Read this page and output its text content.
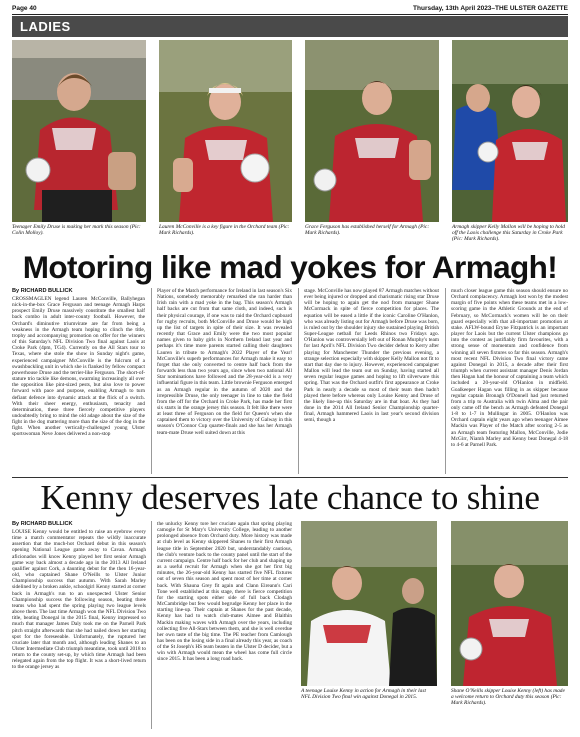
Page 40	Thursday, 13th April 2023–THE ULSTER GAZETTE
LADIES
Teenager Emily Druse is making her mark this season (Pic: Colin Molloy).
Lauren McConville is a key figure in the Orchard team (Pic: Mark Richards).
Grace Ferguson has established herself for Armagh (Pic: Mark Richards).
Armagh skipper Kelly Mallon will be hoping to hold off the Laois challenge this Saturday in Croke Park (Pic: Mark Richards).
Motoring like mad yokes for Armagh!
By RICHARD BULLICK
CROSSMAGLEN legend Lauren McConville, Ballyhegan nick-in-the-box Grace Ferguson and teenage Armagh Harps prospect Emily Druse massively constitute the smallest half back combo in adult inter-county football. However, the Orchard's diminutive triumvirate are far from being a weakness in the Armagh team hoping to clinch the title, trophy and accompanying promotion on offer for the winners of this Saturday's NFL Division Two final against Laois at Croke Park (4pm, TG4). Currently on the All Stars tour to Texas, where she stole the show in Sunday night's game, experienced campaigner McConville is the fulcrum of a swashbuckling unit in which she is flanked by fellow compact powerhouse Druse and the terrier-like Ferguson. The short-of-stature trio tackle like demons, swarming increasingly all over the opposition like pint-sized pests, but also love to power forward with pace and purpose, enabling Armagh to turn defiant defence into dynamic attack at the flick of a switch. With their sheer energy, enthusiasm, tenacity and determination, these three fiercely competitive players undoubtedly bring to mind the old adage about the size of the fight in the dog mattering more than the size of the dog in the fight. When another vertically-challenged young Ulster sportswoman Neve Jones delivered a non-stop
Player of the Match performance for Ireland in last season's Six Nations, somebody memorably remarked she ran harder than Irish rain with a mad yoke in the bag. This season's Armagh half backs are cut from that same cloth, and indeed, such is their physical courage, if one was to raid the Orchard cupboard for rugby recruits, both McConville and Druse would be high up the list of targets in spite of their size. It was revealed recently that Grace and Emily were the two most popular names given to baby girls in Northern Ireland last year and perhaps it's time more parents started calling their daughters Lauren in tribute to Armagh's 2022 Player of the Year! McConville's superb performances for Armagh make it easy to forget that she only converted to centre half back from the forwards less than two years ago, since when two national All Star nominations have followed and the 28-year-old is a very influential figure in this team. Little brownie Ferguson emerged as an Armagh regular in the autumn of 2020 and the irrepressible Druse, the only teenager in line to take the field from the off for the Orchard in Croke Park, has made her first six starts in the orange jersey this season. It felt like there were at least three of Ferguson on the field for Queen's when she captained them to victory over the University of Galway in this season's O'Connor Cup quarter-finals and she has her Armagh team-mate Druse well suited down at this
stage. McConville has now played 87 Armagh matches without ever being injured or dropped and charismatic rising star Druse will be hoping to again get the nod from manager Shane McCormack in spite of fierce competition for places. The equation will be eased a little if the iconic Caroline O'Hanlon, who was already listing out for Armagh before Druse was born, is ruled out by the shoulder injury she sustained playing British Super-League netball for Leeds Rhinos two Fridays ago. O'Hanlon was controversially left out of Ronan Murphy's team for last April's NFL Division Two decider defeat to Kerry after playing for Manchester Thunder the previous evening, a strange selection especially with skipper Kelly Mallon not fit to start that day due to injury. However, experienced campaigner Mallon will lead the team out on Sunday, having started all seven regular league games and hoping to lift silverware this spring. That was the Orchard outfit's first appearance at Croke Park in nearly a decade so most of their team then hadn't played there before whereas only Louise Kenny and Druse of the likely line-up this Saturday are in that boat. As they had done in the 2014 All Ireland Senior Championship quarter-final, Armagh hammered Laois in last year's second division semi, though a
much closer league game this season should ensure no Orchard complacency. Armagh lost won by the modest margin of five points when these teams met in a low-scoring game in the Athletic Grounds at the end of February, so McCormack's women will be on their guard especially with that all-important promotion at stake. AFLW-bound Eryne Fitzpatrick is an important player for Laois but the current Ulster champions go into the contest as justifiably firm favourites, with a strong sense of momentum and confidence from winning all seven fixtures so far this season. Armagh's most recent NFL Division Two final victory came against Donegal in 2015, a decade after their first triumph when current assistant manager Denis Jordan then Hagan had the honour of captaining a team which included a 20-year-old O'Hanlon in midfield. Goalkeeper Hagan was filling in as skipper because regular captain Bronagh O'Donnell had just returned from a trip to Australia with twin Alma and the pair only came off the bench as Armagh defeated Donegal 1-8 to 1-7 in Mullingar in 2005. O'Hanlon was Orchard captain eight years ago when teenager Aimee Mackin was Player of the Match after scoring 2-5 as an Armagh team featuring Mallon, McConville, Jodie McGirr, Niamh Marley and Kenny beat Donegal 4-18 to 4-6 at Parnell Park.
Kenny deserves late chance to shine
By RICHARD BULLICK
LOUISE Kenny would be entitled to raise an eyebrow every time a match commentator repeats the wildly inaccurate assertion that the much-hot Orchard debut in this season's opening National League game away to Cavan. Armagh aficionados will know Kenny played her first senior Armagh game way back almost a decade ago in the 2013 All Ireland qualifier against Cork, a daunting debut for the then 16-year-old, who captained Shane O'Neills to Ulster Junior Championship success that autumn. With Sarah Marley sidelined by a broken ankle, schoolgirl Kenny started at corner back in Armagh's run to an unexpected Ulster Senior Championship success the following season, beating three teams who had spent the spring playing two league levels above them. The last time Armagh won the NFL Division Two title, beating Donegal in the 2015 final, Kenny impressed so much that manager James Daly took me on the Parnell Park pitch straight afterwards that she had nailed down her starting spot for the foreseeable. Unfortunately, the ruptured her cruciate later that month and, although leading Shanes to an Ulster Intermediate Club triumph meantime, took until 2018 to return to the county set-up, by which time Armagh had been relegated again from the top flight. It was a short-lived return to the orange jersey as
the unlucky Kenny tore her cruciate again that spring playing camogie for St Mary's University College, leading to another prolonged absence from Orchard duty. More history was made at club level as Kenny skippered Shanes to their first Armagh league title in September 2020 but, understandably cautious, the club's venture back to the county panel until the start of the current campaign. Centre half back for her club and shaping up as a useful recruit for Armagh when she got her first big minutes, the 26-year-old Kenny has started five NFL fixtures out of seven this season and spent most of her time at corner back. With Shauna Grey fit again and Clann Eireann's Cari Tone well established at this stage, there is fierce competition for the starting spots either side of full back Clodagh McCambridge but few would begrudge Kenny her place in the starting line-up. Their captain at Shanes for the past decade, Kenny has had to watch club-mates Aimee and Blaithin Mackin making waves with Armagh over the years, including collecting five All-Stars between them, and she is well overdue her own taste of the big time. The PE teacher from Camlough has been on the losing side in a final already this year, as coach of the St Joseph's HS team beaten in the Ulster D decider, but a win with Armagh would mean the wheel has come full circle since 2015. It has been a long road back.
A teenage Louise Kenny in action for Armagh in their last NFL Division Two final win against Donegal in 2015.
Shane O'Neills skipper Louise Kenny (left) has made a welcome return to Orchard duty this season (Pic: Mark Richards).
